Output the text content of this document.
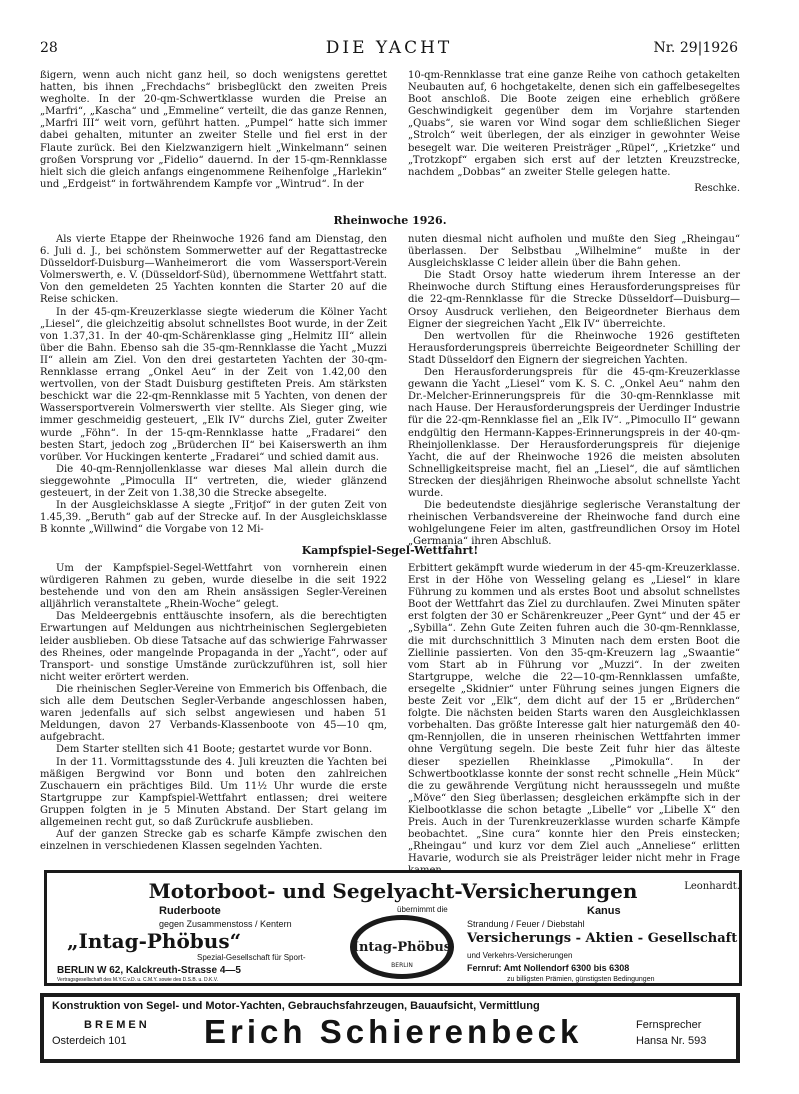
28	DIE YACHT	Nr. 29|1926

ßigern, wenn auch nicht ganz heil, so doch wenigstens gerettet hatten, bis ihnen „Frechdachs“ brisbeglückt den zweiten Preis wegholte. In der 20-qm-Schwertklasse wurden die Preise an „Marfri“, „Kascha“ und „Emmeline“ verteilt, die das ganze Rennen, „Marfri III“ weit vorn, geführt hatten. „Pumpel“ hatte sich immer dabei gehalten, mitunter an zweiter Stelle und fiel erst in der Flaute zurück. Bei den Kielzwanzigern hielt „Winkelmann“ seinen großen Vorsprung vor „Fidelio“ dauernd. In der 15-qm-Rennklasse hielt sich die gleich anfangs eingenommene Reihenfolge „Harlekin“ und „Erdgeist“ in fortwährendem Kampfe vor „Wintrud“. In der

10-qm-Rennklasse trat eine ganze Reihe von cathoch getakelten Neubauten auf, 6 hochgetakelte, denen sich ein gaffelbesegeltes Boot anschloß. Die Boote zeigen eine erheblich größere Geschwindigkeit gegenüber dem im Vorjahre startenden „Quabs“, sie waren vor Wind sogar dem schließlichen Sieger „Strolch“ weit überlegen, der als einziger in gewohnter Weise besegelt war. Die weiteren Preisträger „Rüpel“, „Krietzke“ und „Trotzkopf“ ergaben sich erst auf der letzten Kreuzstrecke, nachdem „Dobbas“ an zweiter Stelle gelegen hatte.

Reschke.
Rheinwoche 1926.

Als vierte Etappe der Rheinwoche 1926 fand am Dienstag, den 6. Juli d. J., bei schönstem Sommerwetter auf der Regattastrecke Düsseldorf-Duisburg—Wanheimerort die vom Wassersport-Verein Volmerswerth, e. V. (Düsseldorf-Süd), übernommene Wettfahrt statt. Von den gemeldeten 25 Yachten konnten die Starter 20 auf die Reise schicken.

In der 45-qm-Kreuzerklasse siegte wiederum die Kölner Yacht „Liesel“, die gleichzeitig absolut schnellstes Boot wurde, in der Zeit von 1.37,31. In der 40-qm-Schärenklasse ging „Helmitz III“ allein über die Bahn. Ebenso sah die 35-qm-Rennklasse die Yacht „Muzzi II“ allein am Ziel. Von den drei gestarteten Yachten der 30-qm-Rennklasse errang „Onkel Aeu“ in der Zeit von 1.42,00 den wertvollen, von der Stadt Duisburg gestifteten Preis. Am stärksten beschickt war die 22-qm-Rennklasse mit 5 Yachten, von denen der Wassersportverein Volmerswerth vier stellte. Als Sieger ging, wie immer geschmeidig gesteuert, „Elk IV“ durchs Ziel, guter Zweiter wurde „Föhn“. In der 15-qm-Rennklasse hatte „Fradarei“ den besten Start, jedoch zog „Brüderchen II“ bei Kaiserswerth an ihm vorüber. Vor Huckingen kenterte „Fradarei“ und schied damit aus.

Die 40-qm-Rennjollenklasse war dieses Mal allein durch die sieggewohnte „Pimoculla II“ vertreten, die, wieder glänzend gesteuert, in der Zeit von 1.38,30 die Strecke absegelte.

In der Ausgleichsklasse A siegte „Fritjof“ in der guten Zeit von 1.45,39. „Beruth“ gab auf der Strecke auf. In der Ausgleichsklasse B konnte „Willwind“ die Vorgabe von 12 Mi-

nuten diesmal nicht aufholen und mußte den Sieg „Rheingau“ überlassen. Der Selbstbau „Wilhelmine“ mußte in der Ausgleichsklasse C leider allein über die Bahn gehen.

Die Stadt Orsoy hatte wiederum ihrem Interesse an der Rheinwoche durch Stiftung eines Herausforderungspreises für die 22-qm-Rennklasse für die Strecke Düsseldorf—Duisburg—Orsoy Ausdruck verliehen, den Beigeordneter Bierhaus dem Eigner der siegreichen Yacht „Elk IV“ überreichte.

Den wertvollen für die Rheinwoche 1926 gestifteten Herausforderungspreis überreichte Beigeordneter Schilling der Stadt Düsseldorf den Eignern der siegreichen Yachten.

Den Herausforderungspreis für die 45-qm-Kreuzerklasse gewann die Yacht „Liesel“ vom K. S. C. „Onkel Aeu“ nahm den Dr.-Melcher-Erinnerungspreis für die 30-qm-Rennklasse mit nach Hause. Der Herausforderungspreis der Uerdinger Industrie für die 22-qm-Rennklasse fiel an „Elk IV“. „Pimocullo II“ gewann endgültig den Hermann-Kappes-Erinnerungspreis in der 40-qm-Rheinjollenklasse. Der Herausforderungspreis für diejenige Yacht, die auf der Rheinwoche 1926 die meisten absoluten Schnelligkeitspreise macht, fiel an „Liesel“, die auf sämtlichen Strecken der diesjährigen Rheinwoche absolut schnellste Yacht wurde.

Die bedeutendste diesjährige seglerische Veranstaltung der rheinischen Verbandsvereine der Rheinwoche fand durch eine wohlgelungene Feier im alten, gastfreundlichen Orsoy im Hotel „Germania“ ihren Abschluß.

Kampfspiel-Segel-Wettfahrt!

Um der Kampfspiel-Segel-Wettfahrt von vornherein einen würdigeren Rahmen zu geben, wurde dieselbe in die seit 1922 bestehende und von den am Rhein ansässigen Segler-Vereinen alljährlich veranstaltete „Rhein-Woche“ gelegt.

Das Meldeergebnis enttäuschte insofern, als die berechtigten Erwartungen auf Meldungen aus nichtrheinischen Seglergebieten leider ausblieben. Ob diese Tatsache auf das schwierige Fahrwasser des Rheines, oder mangelnde Propaganda in der „Yacht“, oder auf Transport- und sonstige Umstände zurückzuführen ist, soll hier nicht weiter erörtert werden.

Die rheinischen Segler-Vereine von Emmerich bis Offenbach, die sich alle dem Deutschen Segler-Verbande angeschlossen haben, waren jedenfalls auf sich selbst angewiesen und haben 51 Meldungen, davon 27 Verbands-Klassenboote von 45—10 qm, aufgebracht.

Dem Starter stellten sich 41 Boote; gestartet wurde vor Bonn.

In der 11. Vormittagsstunde des 4. Juli kreuzten die Yachten bei mäßigen Bergwind vor Bonn und boten den zahlreichen Zuschauern ein prächtiges Bild. Um 11½ Uhr wurde die erste Startgruppe zur Kampfspiel-Wettfahrt entlassen; drei weitere Gruppen folgten in je 5 Minuten Abstand. Der Start gelang im allgemeinen recht gut, so daß Zurückrufe ausblieben.

Auf der ganzen Strecke gab es scharfe Kämpfe zwischen den einzelnen in verschiedenen Klassen segelnden Yachten.

Erbittert gekämpft wurde wiederum in der 45-qm-Kreuzerklasse. Erst in der Höhe von Wesseling gelang es „Liesel“ in klare Führung zu kommen und als erstes Boot und absolut schnellstes Boot der Wettfahrt das Ziel zu durchlaufen. Zwei Minuten später erst folgten der 30 er Schärenkreuzer „Peer Gynt“ und der 45 er „Sybilla“. Zehn Gute Zeiten fuhren auch die 30-qm-Rennklasse, die mit durchschnittlich 3 Minuten nach dem ersten Boot die Ziellinie passierten. Von den 35-qm-Kreuzern lag „Swaantie“ vom Start ab in Führung vor „Muzzi“. In der zweiten Startgruppe, welche die 22—10-qm-Rennklassen umfaßte, ersegelte „Skidnier“ unter Führung seines jungen Eigners die beste Zeit vor „Elk“, dem dicht auf der 15 er „Brüderchen“ folgte. Die nächsten beiden Starts waren den Ausgleichklassen vorbehalten. Das größte Interesse galt hier naturgemäß den 40-qm-Rennjollen, die in unseren rheinischen Wettfahrten immer ohne Vergütung segeln. Die beste Zeit fuhr hier das älteste dieser speziellen Rheinklasse „Pimokulla“. In der Schwertbootklasse konnte der sonst recht schnelle „Hein Mück“ die zu gewährende Vergütung nicht herausssegeln und mußte „Möve“ den Sieg überlassen; desgleichen erkämpfte sich in der Kielbootklasse die schon betagte „Libelle“ vor „Libelle X“ den Preis. Auch in der Turenkreuzerklasse wurden scharfe Kämpfe beobachtet. „Sine cura“ konnte hier den Preis einstecken; „Rheingau“ und kurz vor dem Ziel auch „Anneliese“ erlitten Havarie, wodurch sie als Preisträger leider nicht mehr in Frage kamen.

Leonhardt.
Motorboot- und Segelyacht-Versicherungen
Ruderboote	übernimmt die	Kanus
gegen Zusammenstoss / Kentern
„Intag-Phöbus“
Spezial-Gesellschaft für Sport-
BERLIN W 62, Kalckreuth-Strasse 4—5
Vertragsgesellschaft des M.Y.C.v.D. u. C.M.Y. sowie des D.S.B. u. D.K.V.
Strandung / Feuer / Diebstahl
Versicherungs - Aktien - Gesellschaft
und Verkehrs-Versicherungen
Fernruf: Amt Nollendorf 6300 bis 6308
zu billigsten Prämien, günstigsten Bedingungen
Intag-Phöbus
BERLIN
Konstruktion von Segel- und Motor-Yachten, Gebrauchsfahrzeugen, Bauaufsicht, Vermittlung
BREMEN
Osterdeich 101 Erich Schierenbeck	Fernsprecher
Hansa Nr. 593
